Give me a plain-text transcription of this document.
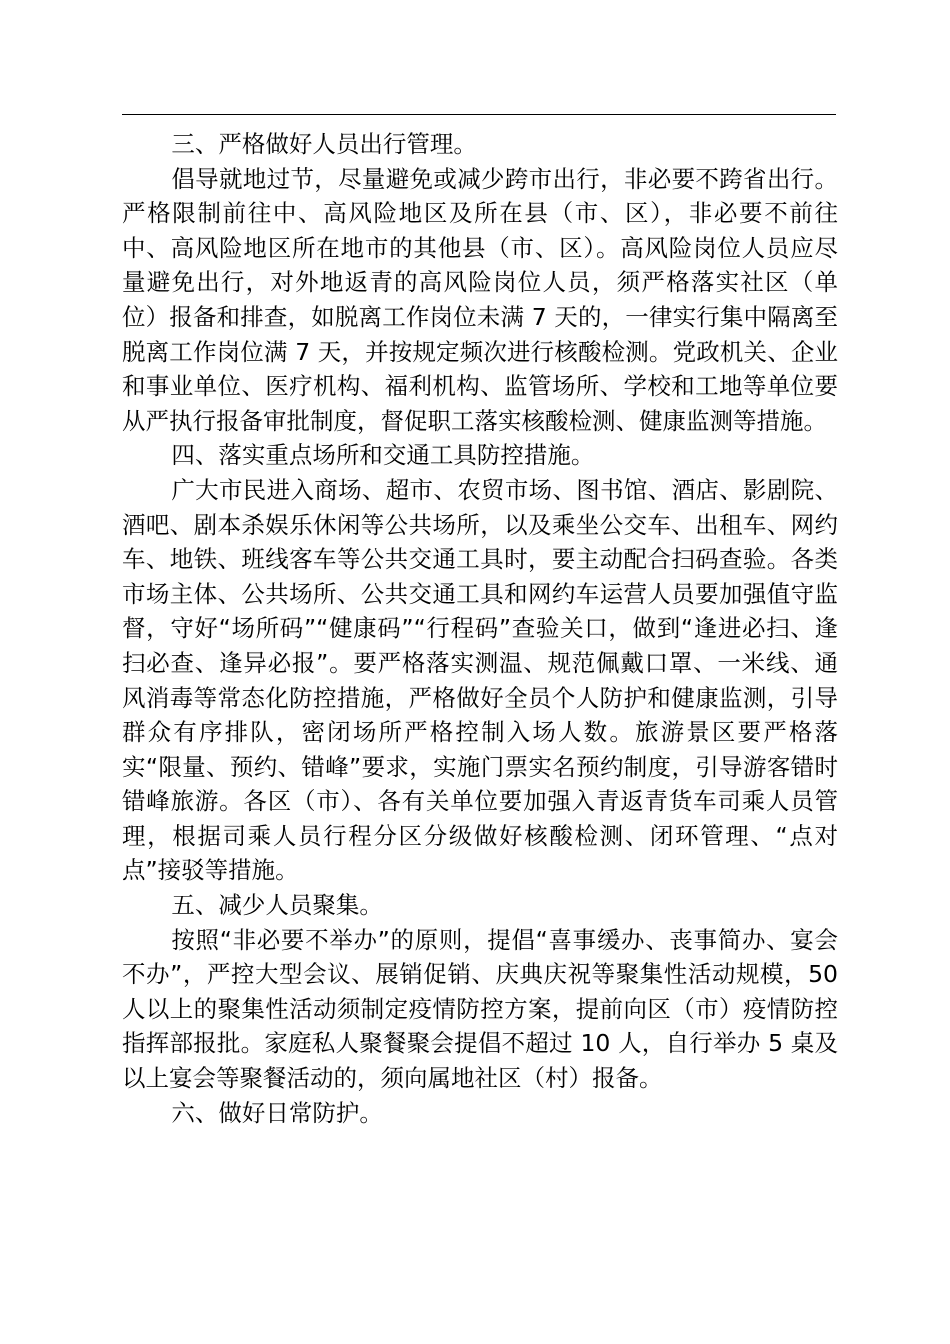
三、严格做好人员出行管理。

倡导就地过节，尽量避免或减少跨市出行，非必要不跨省出行。严格限制前往中、高风险地区及所在县（市、区），非必要不前往中、高风险地区所在地市的其他县（市、区）。高风险岗位人员应尽量避免出行，对外地返青的高风险岗位人员，须严格落实社区（单位）报备和排查，如脱离工作岗位未满 7 天的，一律实行集中隔离至脱离工作岗位满 7 天，并按规定频次进行核酸检测。党政机关、企业和事业单位、医疗机构、福利机构、监管场所、学校和工地等单位要从严执行报备审批制度，督促职工落实核酸检测、健康监测等措施。

四、落实重点场所和交通工具防控措施。

广大市民进入商场、超市、农贸市场、图书馆、酒店、影剧院、酒吧、剧本杀娱乐休闲等公共场所，以及乘坐公交车、出租车、网约车、地铁、班线客车等公共交通工具时，要主动配合扫码查验。各类市场主体、公共场所、公共交通工具和网约车运营人员要加强值守监督，守好“场所码”“健康码”“行程码”查验关口，做到“逢进必扫、逢扫必查、逢异必报”。要严格落实测温、规范佩戴口罩、一米线、通风消毒等常态化防控措施，严格做好全员个人防护和健康监测，引导群众有序排队，密闭场所严格控制入场人数。旅游景区要严格落实“限量、预约、错峰”要求，实施门票实名预约制度，引导游客错时错峰旅游。各区（市）、各有关单位要加强入青返青货车司乘人员管理，根据司乘人员行程分区分级做好核酸检测、闭环管理、“点对点”接驳等措施。

五、减少人员聚集。

按照“非必要不举办”的原则，提倡“喜事缓办、丧事简办、宴会不办”，严控大型会议、展销促销、庆典庆祝等聚集性活动规模，50 人以上的聚集性活动须制定疫情防控方案，提前向区（市）疫情防控指挥部报批。家庭私人聚餐聚会提倡不超过 10 人，自行举办 5 桌及以上宴会等聚餐活动的，须向属地社区（村）报备。

六、做好日常防护。
